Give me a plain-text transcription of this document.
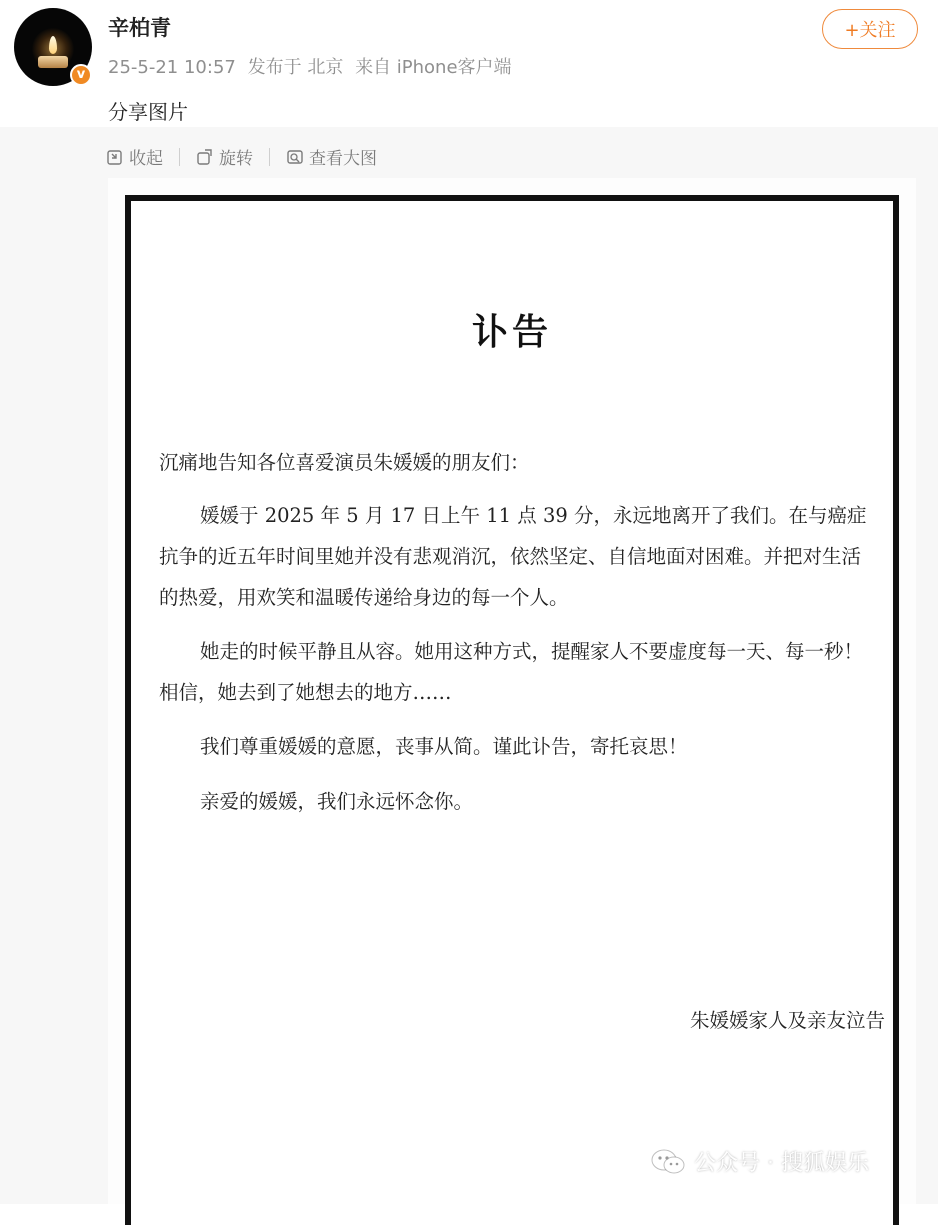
v
辛柏青
25-5-21 10:57 发布于 北京 来自 iPhone客户端
+关注
分享图片
收起	旋转	查看大图
讣告

沉痛地告知各位喜爱演员朱媛媛的朋友们：

媛媛于 2025 年 5 月 17 日上午 11 点 39 分，永远地离开了我们。在与癌症抗争的近五年时间里她并没有悲观消沉，依然坚定、自信地面对困难。并把对生活的热爱，用欢笑和温暖传递给身边的每一个人。

她走的时候平静且从容。她用这种方式，提醒家人不要虚度每一天、每一秒！相信，她去到了她想去的地方……

我们尊重媛媛的意愿，丧事从简。谨此讣告，寄托哀思！

亲爱的媛媛，我们永远怀念你。

朱媛媛家人及亲友泣告
公众号 · 搜狐娱乐
